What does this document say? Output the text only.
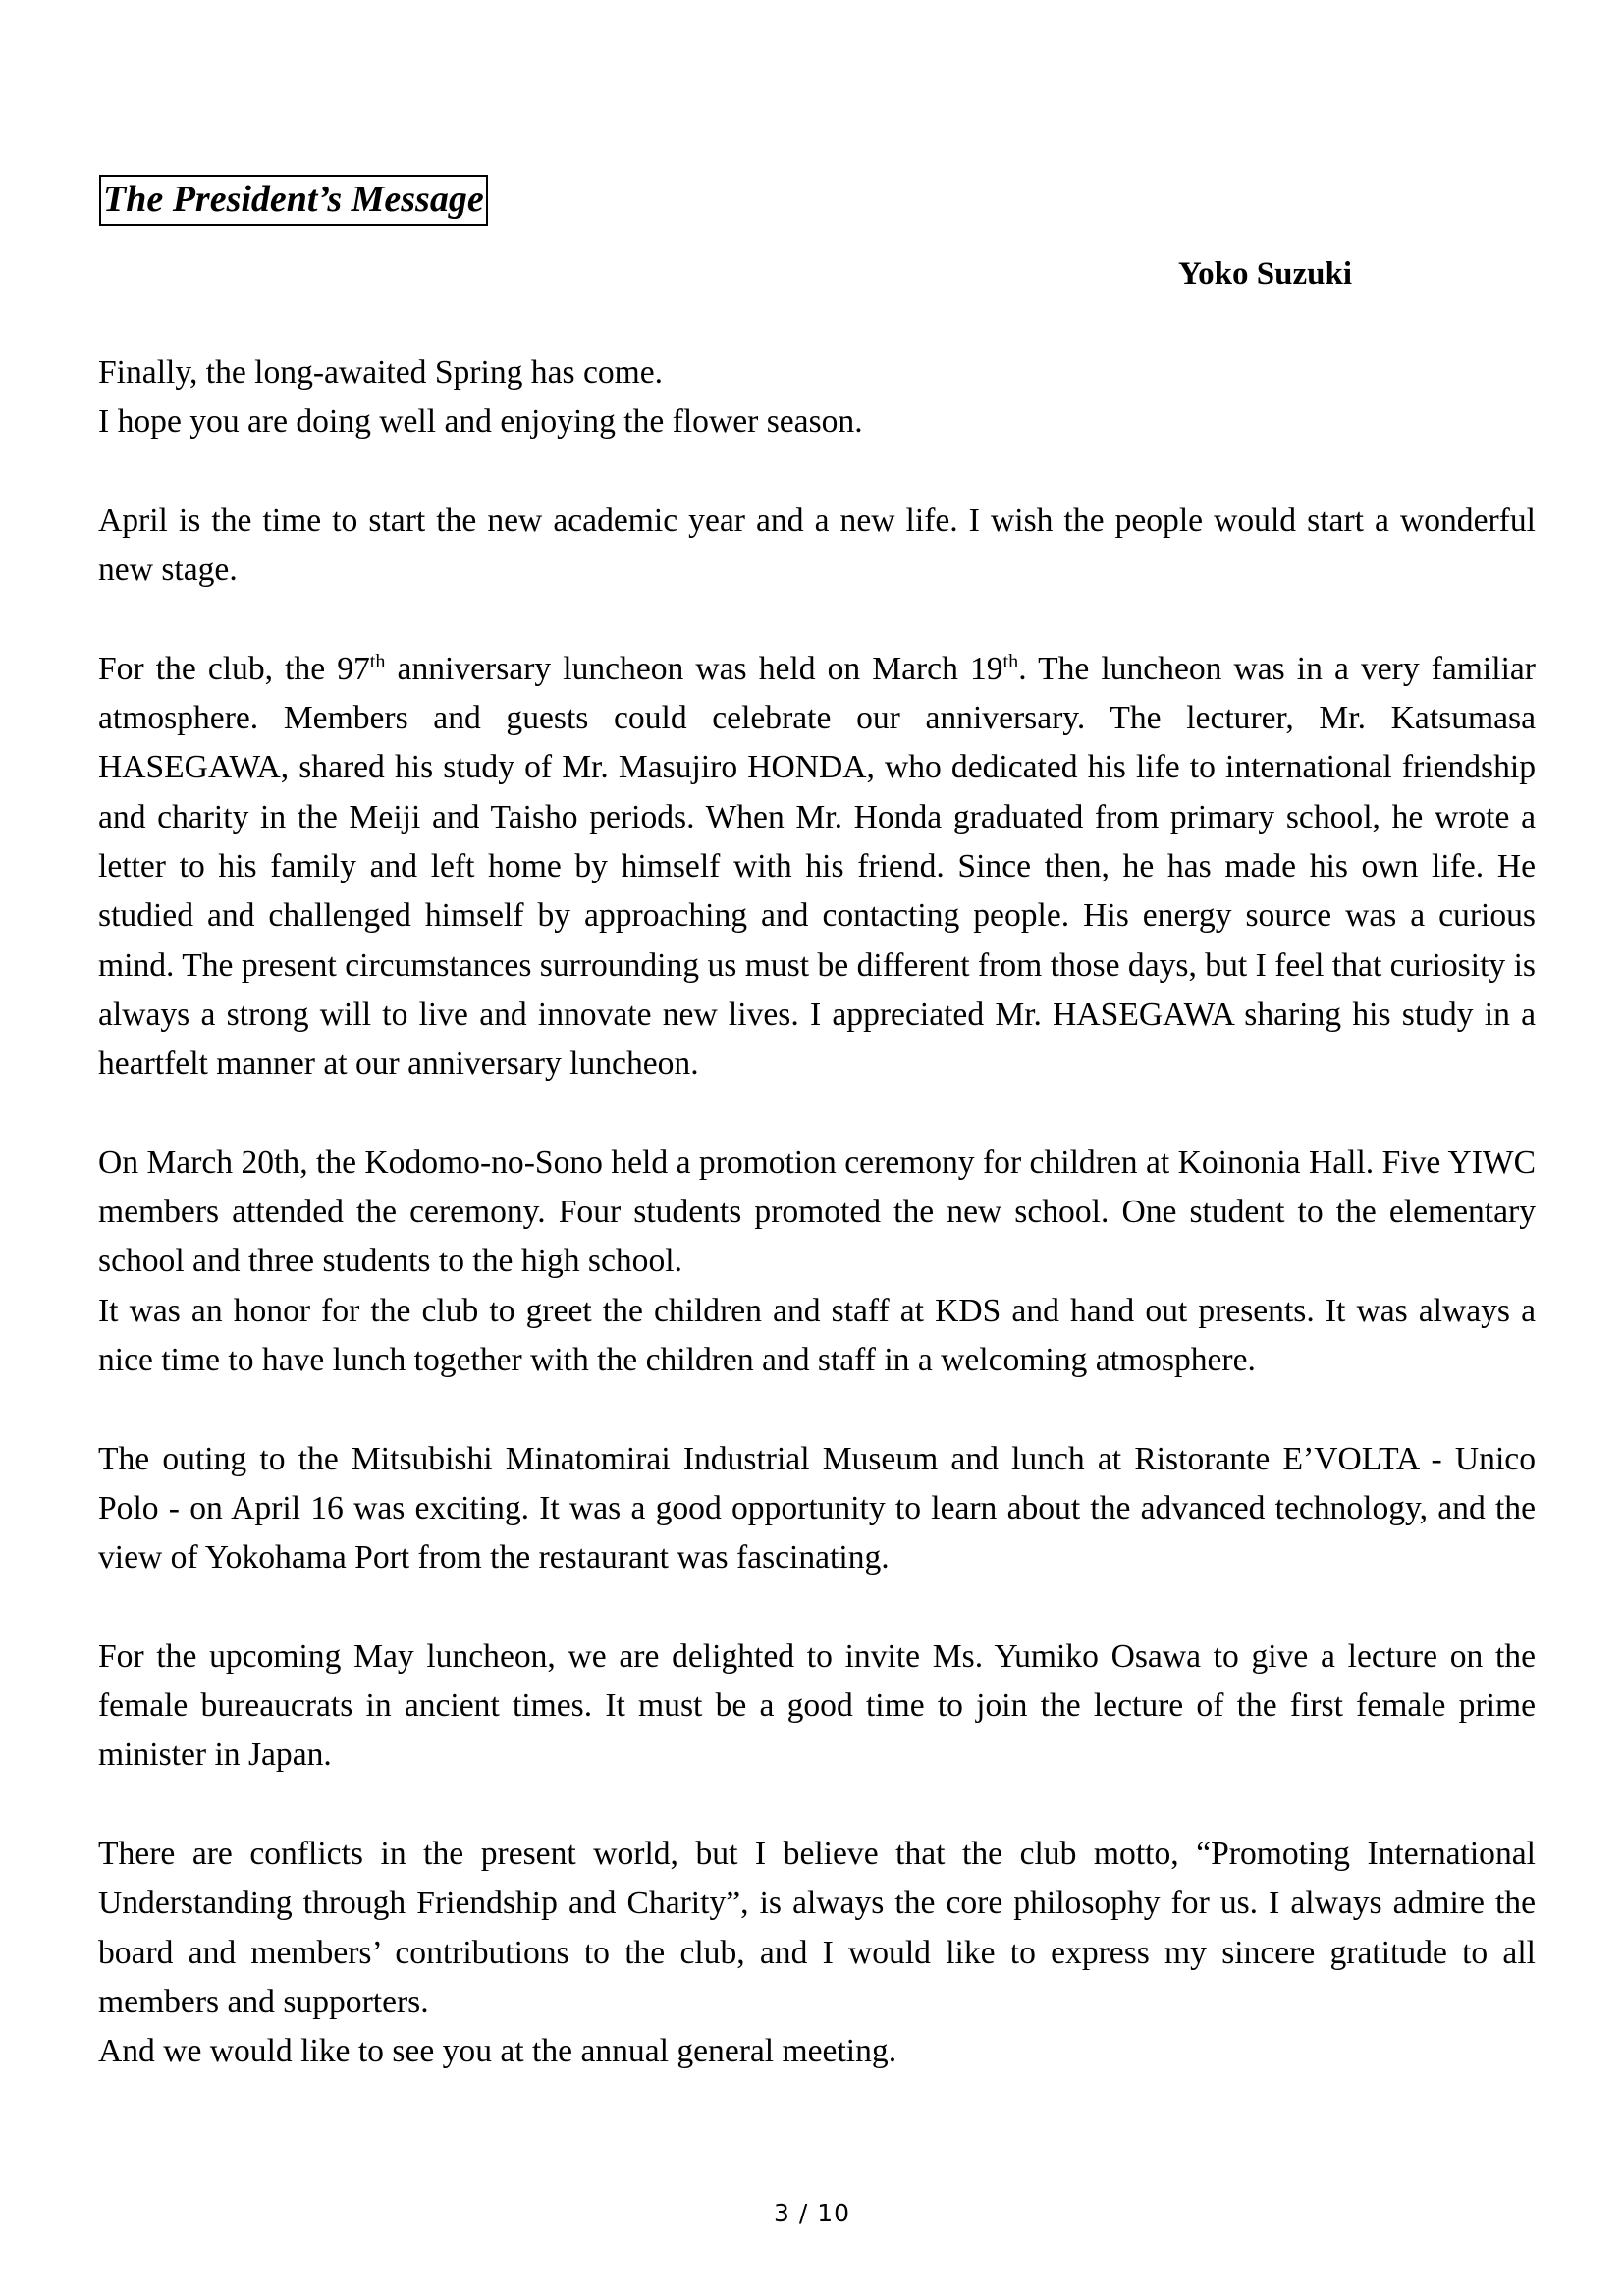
The President’s Message
Yoko Suzuki

Finally, the long-awaited Spring has come.
I hope you are doing well and enjoying the flower season.

April is the time to start the new academic year and a new life. I wish the people would start a wonderful new stage.

For the club, the 97th anniversary luncheon was held on March 19th. The luncheon was in a very familiar atmosphere. Members and guests could celebrate our anniversary. The lecturer, Mr. Katsumasa HASEGAWA, shared his study of Mr. Masujiro HONDA, who dedicated his life to international friendship and charity in the Meiji and Taisho periods. When Mr. Honda graduated from primary school, he wrote a letter to his family and left home by himself with his friend. Since then, he has made his own life. He studied and challenged himself by approaching and contacting people. His energy source was a curious mind. The present circumstances surrounding us must be different from those days, but I feel that curiosity is always a strong will to live and innovate new lives. I appreciated Mr. HASEGAWA sharing his study in a heartfelt manner at our anniversary luncheon.

On March 20th, the Kodomo-no-Sono held a promotion ceremony for children at Koinonia Hall. Five YIWC members attended the ceremony. Four students promoted the new school. One student to the elementary school and three students to the high school.
It was an honor for the club to greet the children and staff at KDS and hand out presents. It was always a nice time to have lunch together with the children and staff in a welcoming atmosphere.

The outing to the Mitsubishi Minatomirai Industrial Museum and lunch at Ristorante E’VOLTA - Unico Polo - on April 16 was exciting. It was a good opportunity to learn about the advanced technology, and the view of Yokohama Port from the restaurant was fascinating.

For the upcoming May luncheon, we are delighted to invite Ms. Yumiko Osawa to give a lecture on the female bureaucrats in ancient times. It must be a good time to join the lecture of the first female prime minister in Japan.

There are conflicts in the present world, but I believe that the club motto, “Promoting International Understanding through Friendship and Charity”, is always the core philosophy for us. I always admire the board and members’ contributions to the club, and I would like to express my sincere gratitude to all members and supporters.
And we would like to see you at the annual general meeting.

3 / 10
